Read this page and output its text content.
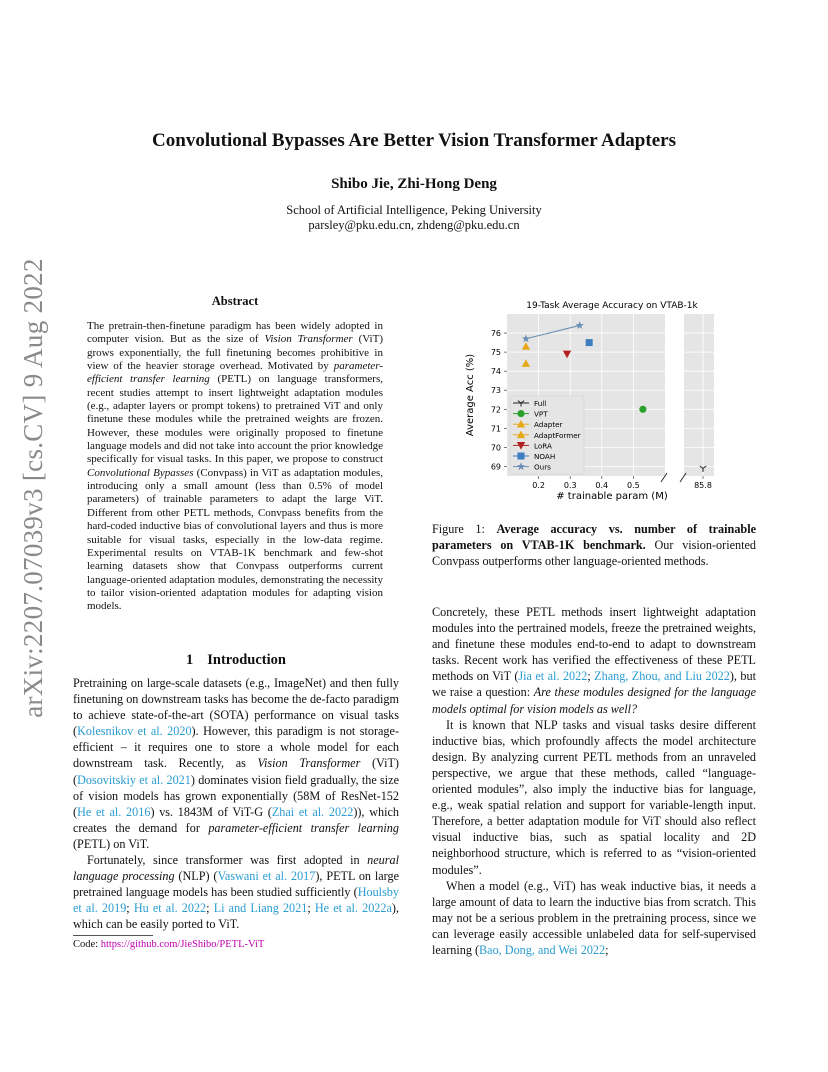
arXiv:2207.07039v3 [cs.CV] 9 Aug 2022
Convolutional Bypasses Are Better Vision Transformer Adapters
Shibo Jie, Zhi-Hong Deng
School of Artificial Intelligence, Peking University
parsley@pku.edu.cn, zhdeng@pku.edu.cn
Abstract
The pretrain-then-finetune paradigm has been widely adopted in computer vision. But as the size of Vision Transformer (ViT) grows exponentially, the full finetuning becomes prohibitive in view of the heavier storage overhead. Motivated by parameter-efficient transfer learning (PETL) on language transformers, recent studies attempt to insert lightweight adaptation modules (e.g., adapter layers or prompt tokens) to pretrained ViT and only finetune these modules while the pretrained weights are frozen. However, these modules were originally proposed to finetune language models and did not take into account the prior knowledge specifically for visual tasks. In this paper, we propose to construct Convolutional Bypasses (Convpass) in ViT as adaptation modules, introducing only a small amount (less than 0.5% of model parameters) of trainable parameters to adapt the large ViT. Different from other PETL methods, Convpass benefits from the hard-coded inductive bias of convolutional layers and thus is more suitable for visual tasks, especially in the low-data regime. Experimental results on VTAB-1K benchmark and few-shot learning datasets show that Convpass outperforms current language-oriented adaptation modules, demonstrating the necessity to tailor vision-oriented adaptation modules for adapting vision models.
1 Introduction

Pretraining on large-scale datasets (e.g., ImageNet) and then fully finetuning on downstream tasks has become the de-facto paradigm to achieve state-of-the-art (SOTA) performance on visual tasks (Kolesnikov et al. 2020). However, this paradigm is not storage-efficient – it requires one to store a whole model for each downstream task. Recently, as Vision Transformer (ViT) (Dosovitskiy et al. 2021) dominates vision field gradually, the size of vision models has grown exponentially (58M of ResNet-152 (He et al. 2016) vs. 1843M of ViT-G (Zhai et al. 2022)), which creates the demand for parameter-efficient transfer learning (PETL) on ViT.

Fortunately, since transformer was first adopted in neural language processing (NLP) (Vaswani et al. 2017), PETL on large pretrained language models has been studied sufficiently (Houlsby et al. 2019; Hu et al. 2022; Li and Liang 2021; He et al. 2022a), which can be easily ported to ViT.

Code: https://github.com/JieShibo/PETL-ViT
19-Task Average Accuracy on VTAB-1k
69
70
71
72
73
74
75
76
0.2 0.3 0.4 0.5	85.8
# trainable param (M)
Average Acc (%)	Full
VPT
Adapter
AdaptFormer
LoRA
NOAH
Ours
Figure 1: Average accuracy vs. number of trainable parameters on VTAB-1K benchmark. Our vision-oriented Convpass outperforms other language-oriented methods.

Concretely, these PETL methods insert lightweight adaptation modules into the pertrained models, freeze the pretrained weights, and finetune these modules end-to-end to adapt to downstream tasks. Recent work has verified the effectiveness of these PETL methods on ViT (Jia et al. 2022; Zhang, Zhou, and Liu 2022), but we raise a question: Are these modules designed for the language models optimal for vision models as well?

It is known that NLP tasks and visual tasks desire different inductive bias, which profoundly affects the model architecture design. By analyzing current PETL methods from an unraveled perspective, we argue that these methods, called “language-oriented modules”, also imply the inductive bias for language, e.g., weak spatial relation and support for variable-length input. Therefore, a better adaptation module for ViT should also reflect visual inductive bias, such as spatial locality and 2D neighborhood structure, which is referred to as “vision-oriented modules”.

When a model (e.g., ViT) has weak inductive bias, it needs a large amount of data to learn the inductive bias from scratch. This may not be a serious problem in the pretraining process, since we can leverage easily accessible unlabeled data for self-supervised learning (Bao, Dong, and Wei 2022;
